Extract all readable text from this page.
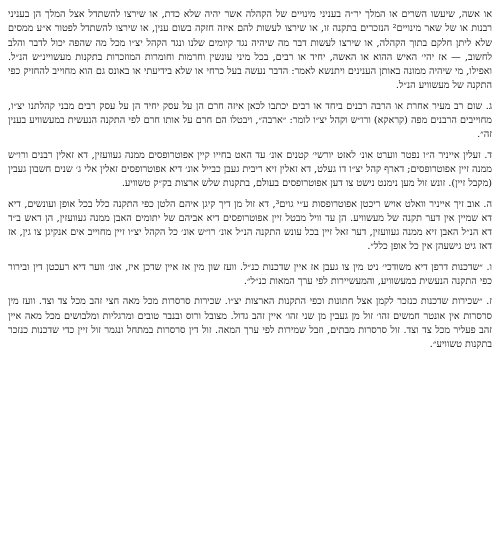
או אשה, שיעשו השרים או המלך יר״ה בעניני מינויים של הקהלה אשר יהיה שלא כדת, או שירצו להשתדל אצל המלך הן בעניני רבנות או של שאר מינויים² הנזכרים בתקנה זו, או שירצו לעשות להם איזה חזקה בשום ענין, או שירצו להשתדל לפטור א״ע ממסים שלא ליתן חלקם בתוך הקהלה, או שירצו לעשות דבר מה שיהיה נגד קיומים שלנו ונגד הקהל יצ״ו מכל מה שהפה יכול לדבר והלב לחשוב, — אז יהי׳ האיש ההוא או האשה, יחיד או רבים, בכל מיני עונשין וחרמות וחומרות המוזכרות בתקנות מעשויינ״ש הנ״ל. ואפילו, מי שיהיה ממונה באותן הענינים ויתנשא לאמר: הדבר נעשה בעל כרחי או שלא בידיעתי או באונס גם הוא מחוייב להחזיק כפי התקנה של מעשוויע הנ״ל.

ג. שום רב מעיר אחרת או הרבה רבנים ביחד או רבים יכתבו לכאן איזה חרם הן על עסק יחיד הן על עסק רבים מבני קהלתנו יצ״ו, מחוייבים הרבנים מפה (קראקא) ורו״ש וקהל יצ״ו לומר: ״ארבה״, ויבטלו הם חרם על אותו חרם לפי התקנה הנעשית במעשוויע בענין זה״.

ד. זעלין אייניר ה״ו נפטר ווערט אונ׳ לאזט יורשי׳ קטנים אונ׳ עד האט בחייו קיין אפוטרופסים ממנה געוועזין, דא זאלין רבנים ורו״ש ממנה זיין אפוטרופסים; דארף קהל יצ״ו דו געלט, דא זאלין זיא ריבית געבן כבייל אונ׳ דיא אפוטרופסים זאלין אלי ג׳ שנים חשבון געבין (מקבל זיין). זונש זול מען נימנט נישט צו דען אפוטרופסים בעולם, בתקנות שלש ארצות בק״ק טשוויע.

ה. אוב זיך אייניר וואלט אויש ריכטן אפוטרופסות ע״י גוים³, דא זול מן דיך קיגן איהם הלטן כפי התקנה כלל בכל אופן ועונשים, דיא דא שמיין אין דער תקנה של מעשוויע. הן עד וויל מבטל זיין אפוטרופסים דיא אביהם של יתומים האבן ממנה געוועזין, הן דאש ב״ד דא הנ״ל האבן זיא ממנה געוועזין, דער זאל זיין בכל עונש התקנה הנ״ל אונ׳ רו״ש אונ׳ כל הקהל יצ״ו זיין מחוייב אים אנקיגן צו גין, אז דאז גיט גישעהן אין כל אופן כלל״.

ו. ״שדכנות דרפן דיא משודכי׳ ניט מין צו געבן אז איין שדכנות כנ״ל. וועז שון מין אז איין שדכן איז, אונ׳ ווער דיא רעכטן דין ובירור כפי התקנה הנעשית במעשוויע, והמעשיירות לפי ערך המאות כנ״ל״.

ז. ״שכירות שדכנות כנזכר לקמן אצל חתונות וכפי התקנות הארצות יצ״ו. שכירות סרסרות מכל מאה חצי זהב מכל צד וצד. וועז מין סרסרות אין אונטר חמשים זהו׳ זול מן געבין מן שני זהו׳ איין זהב גדול. מצובל ורוס ובנבר טובים ומרגליות ומלבושים מכל מאה איין זהב פעליר מכל צד וצד. זול סרסרות מבתים, וזבל שמירות לפי ערך המאה. זול דין סרסרות במתחל ונגמר זול זיין כדי שדכנות כנזכר בתקנות טשוויע״.
